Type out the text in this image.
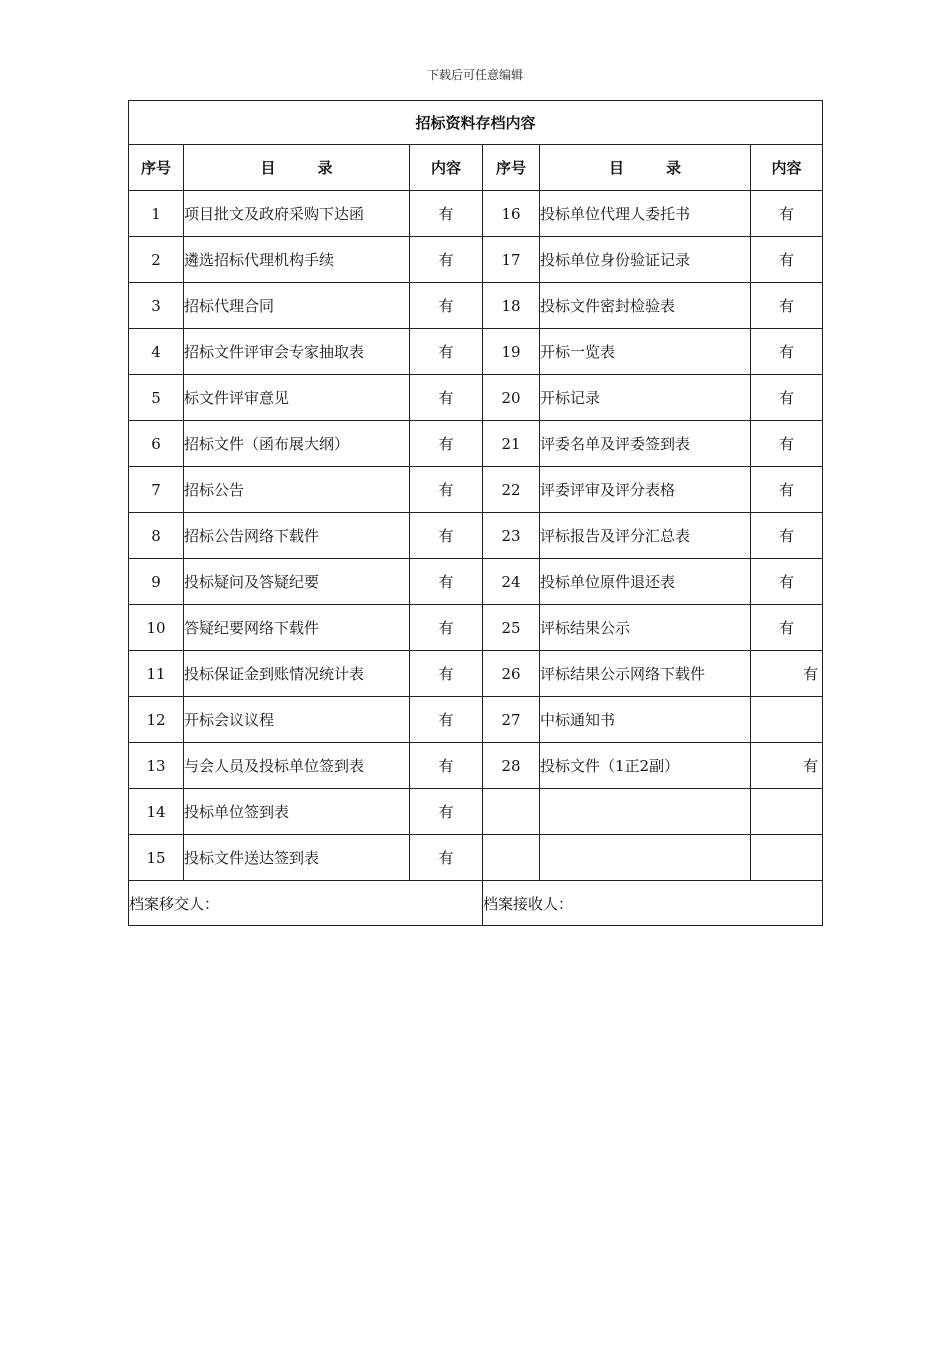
下载后可任意编辑
招标资料存档内容					
序号	目 录	内容	序号	目 录	内容
1	项目批文及政府采购下达函	有	16	投标单位代理人委托书	有
2	遴选招标代理机构手续	有	17	投标单位身份验证记录	有
3	招标代理合同	有	18	投标文件密封检验表	有
4	招标文件评审会专家抽取表	有	19	开标一览表	有
5	标文件评审意见	有	20	开标记录	有
6	招标文件（函布展大纲）	有	21	评委名单及评委签到表	有
7	招标公告	有	22	评委评审及评分表格	有
8	招标公告网络下载件	有	23	评标报告及评分汇总表	有
9	投标疑问及答疑纪要	有	24	投标单位原件退还表	有
10	答疑纪要网络下载件	有	25	评标结果公示	有
11	投标保证金到账情况统计表	有	26	评标结果公示网络下载件	有
12	开标会议议程	有	27	中标通知书	
13	与会人员及投标单位签到表	有	28	投标文件（1正2副）	有
14	投标单位签到表	有			
15	投标文件送达签到表	有			
档案移交人：			档案接收人：		
